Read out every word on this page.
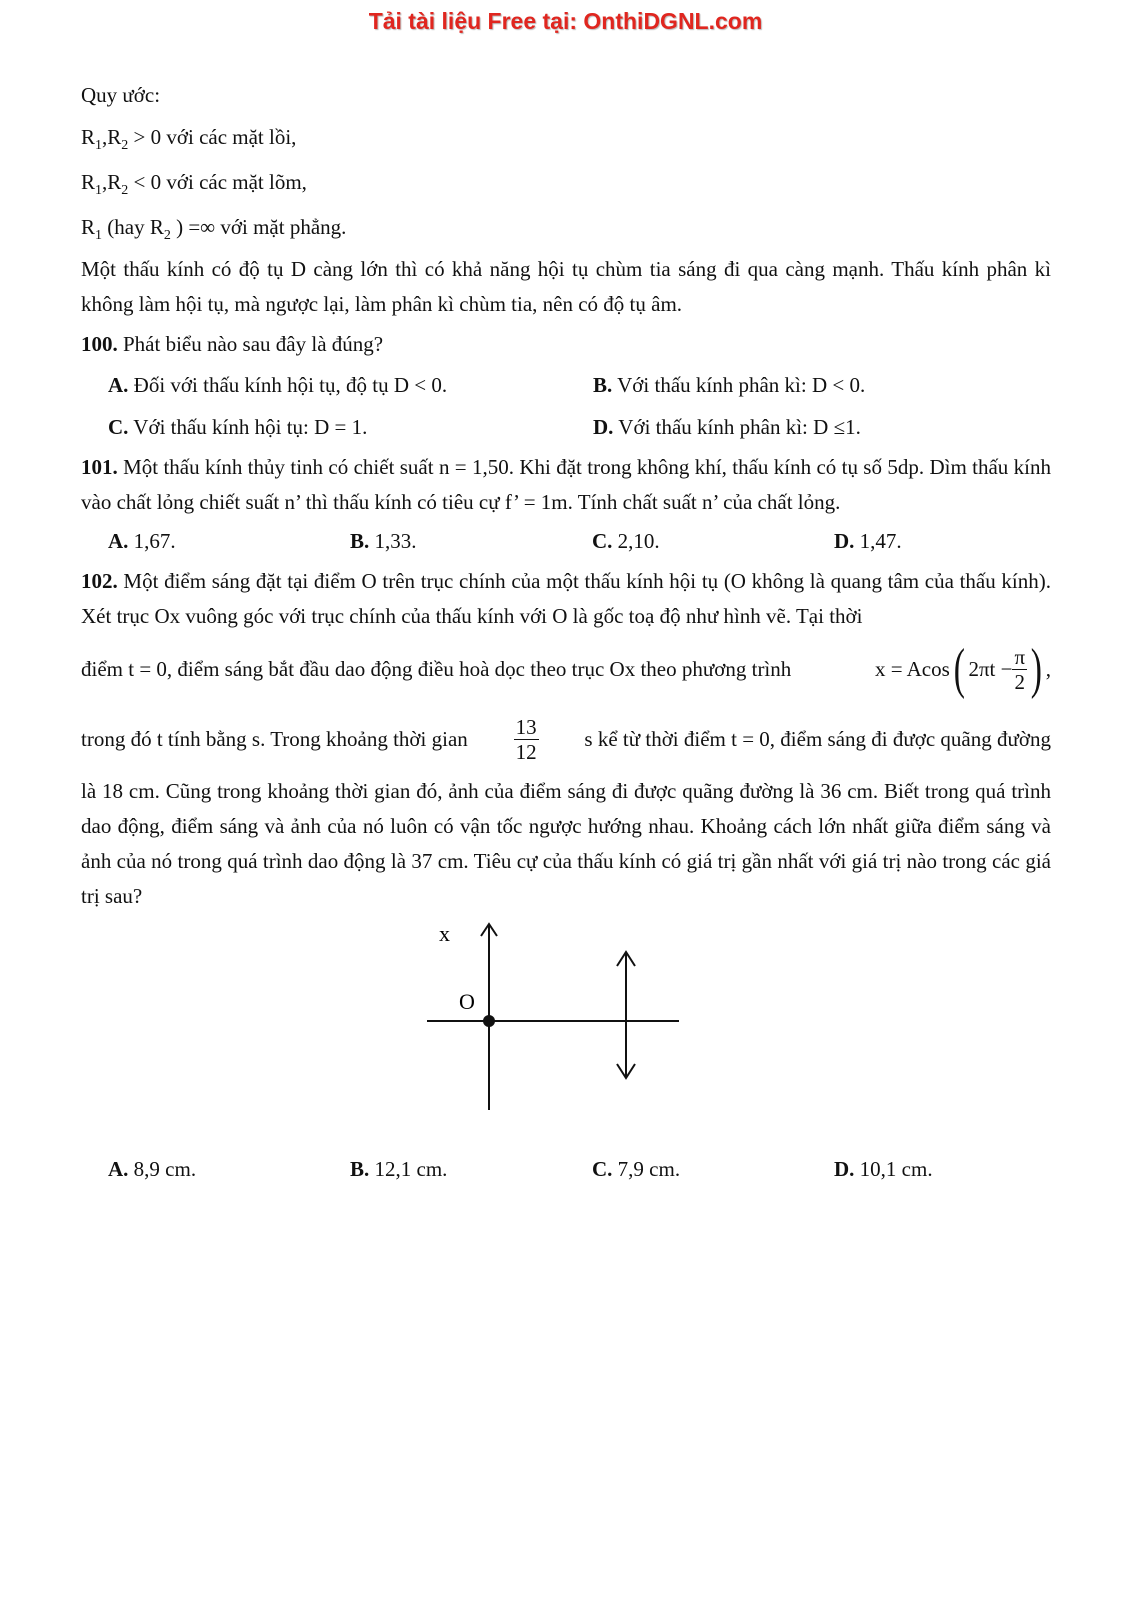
Tải tài liệu Free tại: OnthiDGNL.com
Quy ước:
$R_1,R_2 > 0$ với các mặt lồi,
$R_1,R_2 < 0$ với các mặt lõm,
$R_1$ (hay $R_2$ ) =∞ với mặt phẳng.
Một thấu kính có độ tụ D càng lớn thì có khả năng hội tụ chùm tia sáng đi qua càng mạnh. Thấu kính phân kì không làm hội tụ, mà ngược lại, làm phân kì chùm tia, nên có độ tụ âm.
100. Phát biểu nào sau đây là đúng?
A. Đối với thấu kính hội tụ, độ tụ D < 0.	B. Với thấu kính phân kì: D < 0.
C. Với thấu kính hội tụ: D = 1.	D. Với thấu kính phân kì: D ≤1.
101. Một thấu kính thủy tinh có chiết suất n = 1,50. Khi đặt trong không khí, thấu kính có tụ số 5dp. Dìm thấu kính vào chất lỏng chiết suất n’ thì thấu kính có tiêu cự f’ = 1m. Tính chất suất n’ của chất lỏng.
A. 1,67.	B. 1,33.	C. 2,10.	D. 1,47.
102. Một điểm sáng đặt tại điểm O trên trục chính của một thấu kính hội tụ (O không là quang tâm của thấu kính). Xét trục Ox vuông góc với trục chính của thấu kính với O là gốc toạ độ như hình vẽ. Tại thời
điểm t = 0, điểm sáng bắt đầu dao động điều hoà dọc theo trục Ox theo phương trình	x = Acos ( $2\pi t - \frac{\pi}{2}$ ) ,
trong đó t tính bằng s. Trong khoảng thời gian $\frac{13}{12}$ s kể từ thời điểm t = 0, điểm sáng đi được quãng đường
là 18 cm. Cũng trong khoảng thời gian đó, ảnh của điểm sáng đi được quãng đường là 36 cm. Biết trong quá trình dao động, điểm sáng và ảnh của nó luôn có vận tốc ngược hướng nhau. Khoảng cách lớn nhất giữa điểm sáng và ảnh của nó trong quá trình dao động là 37 cm. Tiêu cự của thấu kính có giá trị gần nhất với giá trị nào trong các giá trị sau?
x
O
A. 8,9 cm.	B. 12,1 cm.	C. 7,9 cm.	D. 10,1 cm.
